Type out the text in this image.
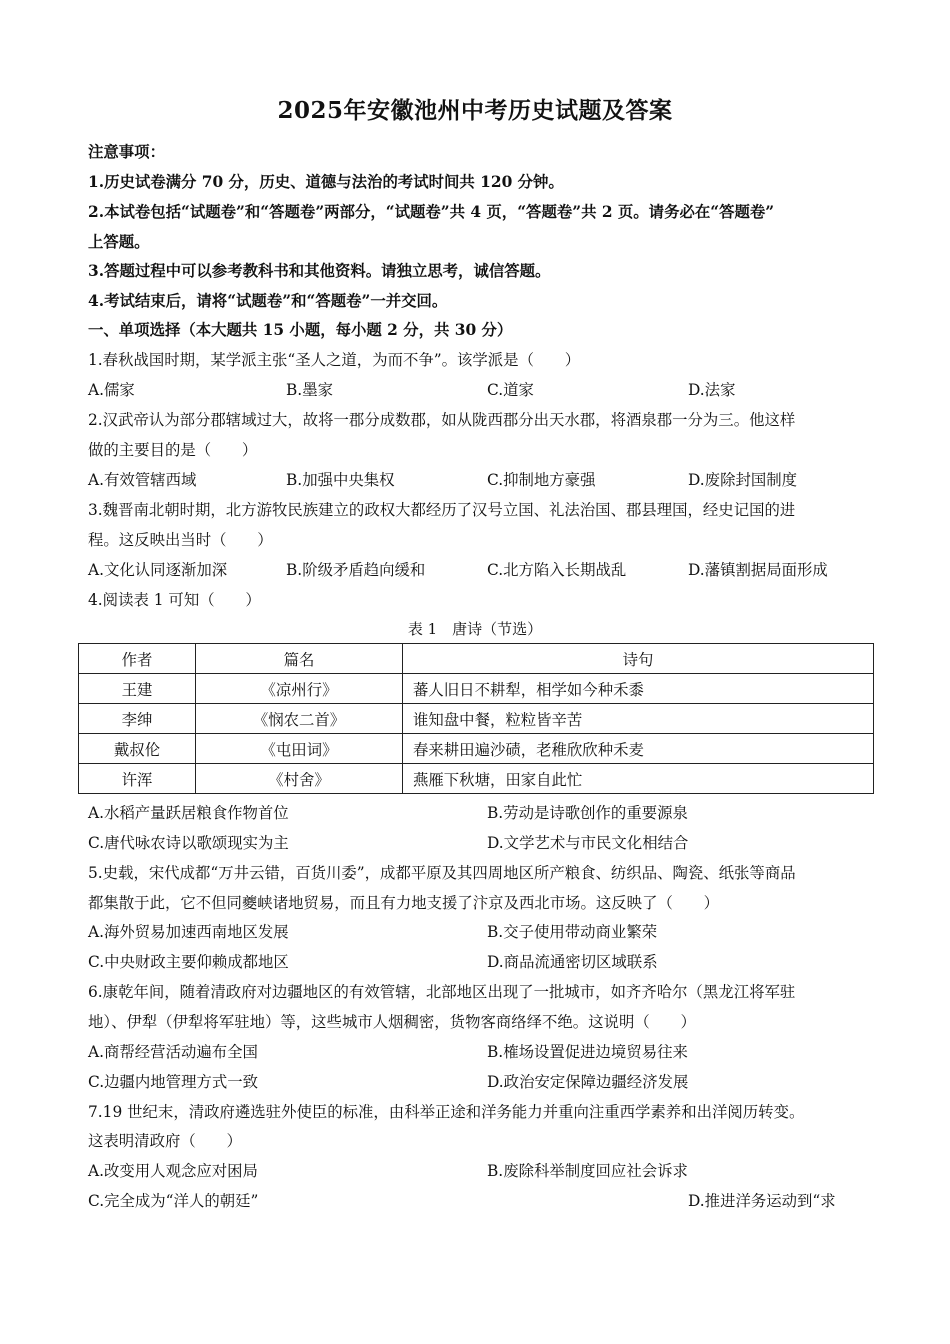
2025年安徽池州中考历史试题及答案
注意事项：
1.历史试卷满分 70 分，历史、道德与法治的考试时间共 120 分钟。
2.本试卷包括“试题卷”和“答题卷”两部分，“试题卷”共 4 页，“答题卷”共 2 页。请务必在“答题卷”
上答题。
3.答题过程中可以参考教科书和其他资料。请独立思考，诚信答题。
4.考试结束后，请将“试题卷”和“答题卷”一并交回。
一、单项选择（本大题共 15 小题，每小题 2 分，共 30 分）
1.春秋战国时期，某学派主张“圣人之道，为而不争”。该学派是（　　）
A.儒家	B.墨家	C.道家	D.法家
2.汉武帝认为部分郡辖域过大，故将一郡分成数郡，如从陇西郡分出天水郡，将酒泉郡一分为三。他这样
做的主要目的是（　　）
A.有效管辖西域	B.加强中央集权	C.抑制地方豪强	D.废除封国制度
3.魏晋南北朝时期，北方游牧民族建立的政权大都经历了汉号立国、礼法治国、郡县理国，经史记国的进
程。这反映出当时（　　）
A.文化认同逐渐加深	B.阶级矛盾趋向缓和	C.北方陷入长期战乱	D.藩镇割据局面形成
4.阅读表 1 可知（　　）
表 1　唐诗（节选）
作者	篇名	诗句
王建	《凉州行》	蕃人旧日不耕犁，相学如今种禾黍
李绅	《悯农二首》	谁知盘中餐，粒粒皆辛苦
戴叔伦	《屯田词》	春来耕田遍沙碛，老稚欣欣种禾麦
许浑	《村舍》	燕雁下秋塘，田家自此忙
A.水稻产量跃居粮食作物首位	B.劳动是诗歌创作的重要源泉
C.唐代咏农诗以歌颂现实为主	D.文学艺术与市民文化相结合
5.史载，宋代成都“万井云错，百货川委”，成都平原及其四周地区所产粮食、纺织品、陶瓷、纸张等商品
都集散于此，它不但同夔峡诸地贸易，而且有力地支援了汴京及西北市场。这反映了（　　）
A.海外贸易加速西南地区发展	B.交子使用带动商业繁荣
C.中央财政主要仰赖成都地区	D.商品流通密切区域联系
6.康乾年间，随着清政府对边疆地区的有效管辖，北部地区出现了一批城市，如齐齐哈尔（黑龙江将军驻
地）、伊犁（伊犁将军驻地）等，这些城市人烟稠密，货物客商络绎不绝。这说明（　　）
A.商帮经营活动遍布全国	B.榷场设置促进边境贸易往来
C.边疆内地管理方式一致	D.政治安定保障边疆经济发展
7.19 世纪末，清政府遴选驻外使臣的标准，由科举正途和洋务能力并重向注重西学素养和出洋阅历转变。
这表明清政府（　　）
A.改变用人观念应对困局	B.废除科举制度回应社会诉求
C.完全成为“洋人的朝廷”	D.推进洋务运动到“求
